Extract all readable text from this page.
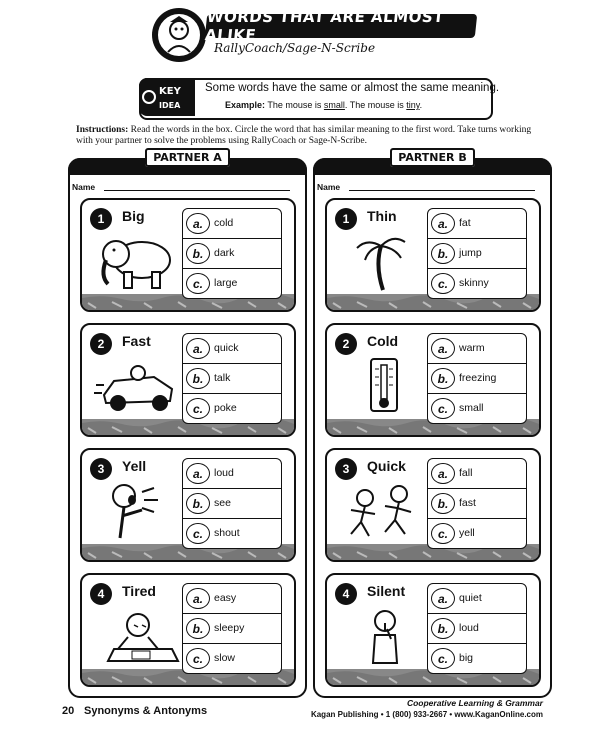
WORDS THAT ARE ALMOST ALIKE
RallyCoach/Sage-N-Scribe
KEY
IDEA
Some words have the same or almost the same meaning.
Example: The mouse is small. The mouse is tiny.
Instructions: Read the words in the box. Circle the word that has similar meaning to the first word. Take turns working with your partner to solve the problems using RallyCoach or Sage-N-Scribe.
PARTNER A
Name
1	Big	a.	cold
b.	dark
c.	large
2	Fast	a.	quick
b.	talk
c.	poke
3	Yell	a.	loud
b.	see
c.	shout
4	Tired	a.	easy
b.	sleepy
c.	slow
PARTNER B
Name
1	Thin	a.	fat
b.	jump
c.	skinny
2	Cold	a.	warm
b.	freezing
c.	small
3	Quick	a.	fall
b.	fast
c.	yell
4	Silent	a.	quiet
b.	loud
c.	big
20 Synonyms & Antonyms
Cooperative Learning & Grammar
Kagan Publishing • 1 (800) 933-2667 • www.KaganOnline.com
